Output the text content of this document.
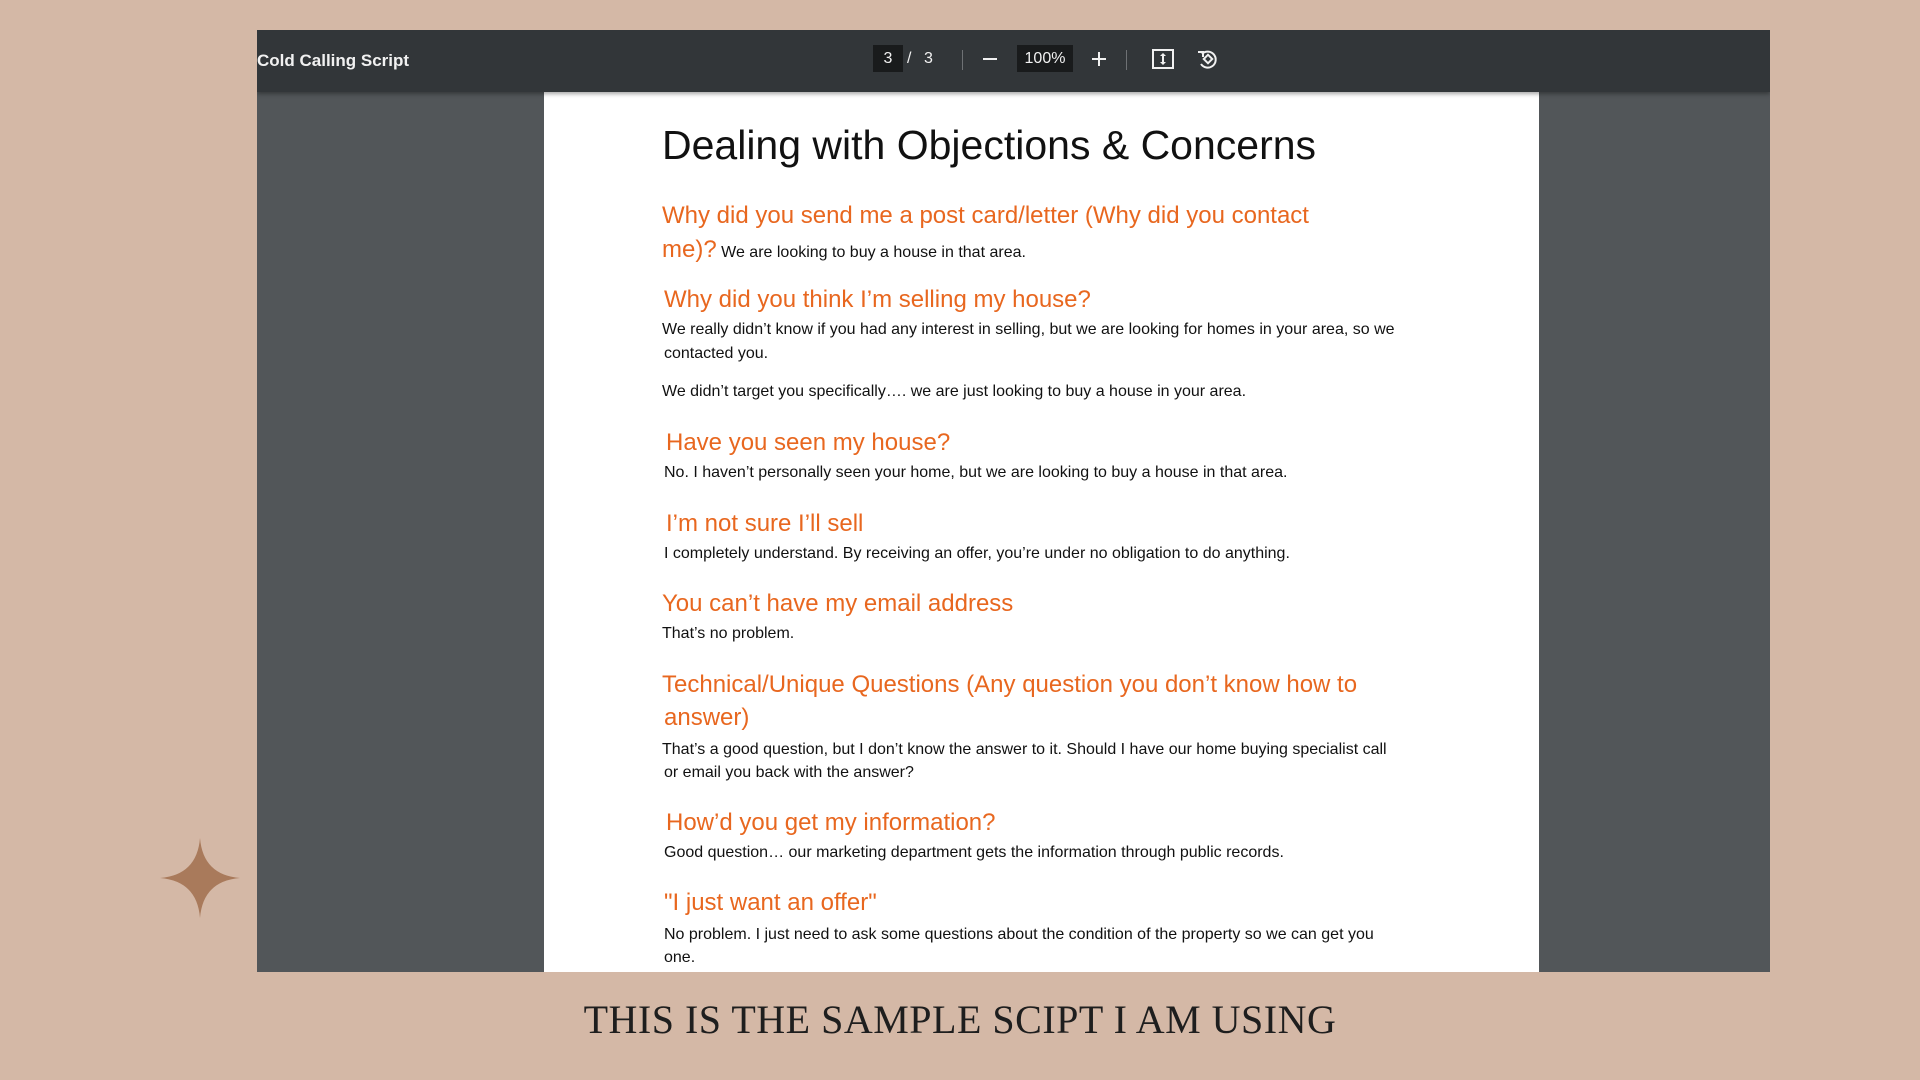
Cold Calling Script	3 / 3	100%
Dealing with Objections & Concerns
Why did you send me a post card/letter (Why did you contact
me)? We are looking to buy a house in that area.
Why did you think I’m selling my house?
We really didn’t know if you had any interest in selling, but we are looking for homes in your area, so we
contacted you.
We didn’t target you specifically…. we are just looking to buy a house in your area.
Have you seen my house?
No. I haven’t personally seen your home, but we are looking to buy a house in that area.
I’m not sure I’ll sell
I completely understand. By receiving an offer, you’re under no obligation to do anything.
You can’t have my email address
That’s no problem.
Technical/Unique Questions (Any question you don’t know how to
answer)
That’s a good question, but I don’t know the answer to it. Should I have our home buying specialist call
or email you back with the answer?
How’d you get my information?
Good question… our marketing department gets the information through public records.
"I just want an offer"
No problem. I just need to ask some questions about the condition of the property so we can get you
one.
THIS IS THE SAMPLE SCIPT I AM USING
